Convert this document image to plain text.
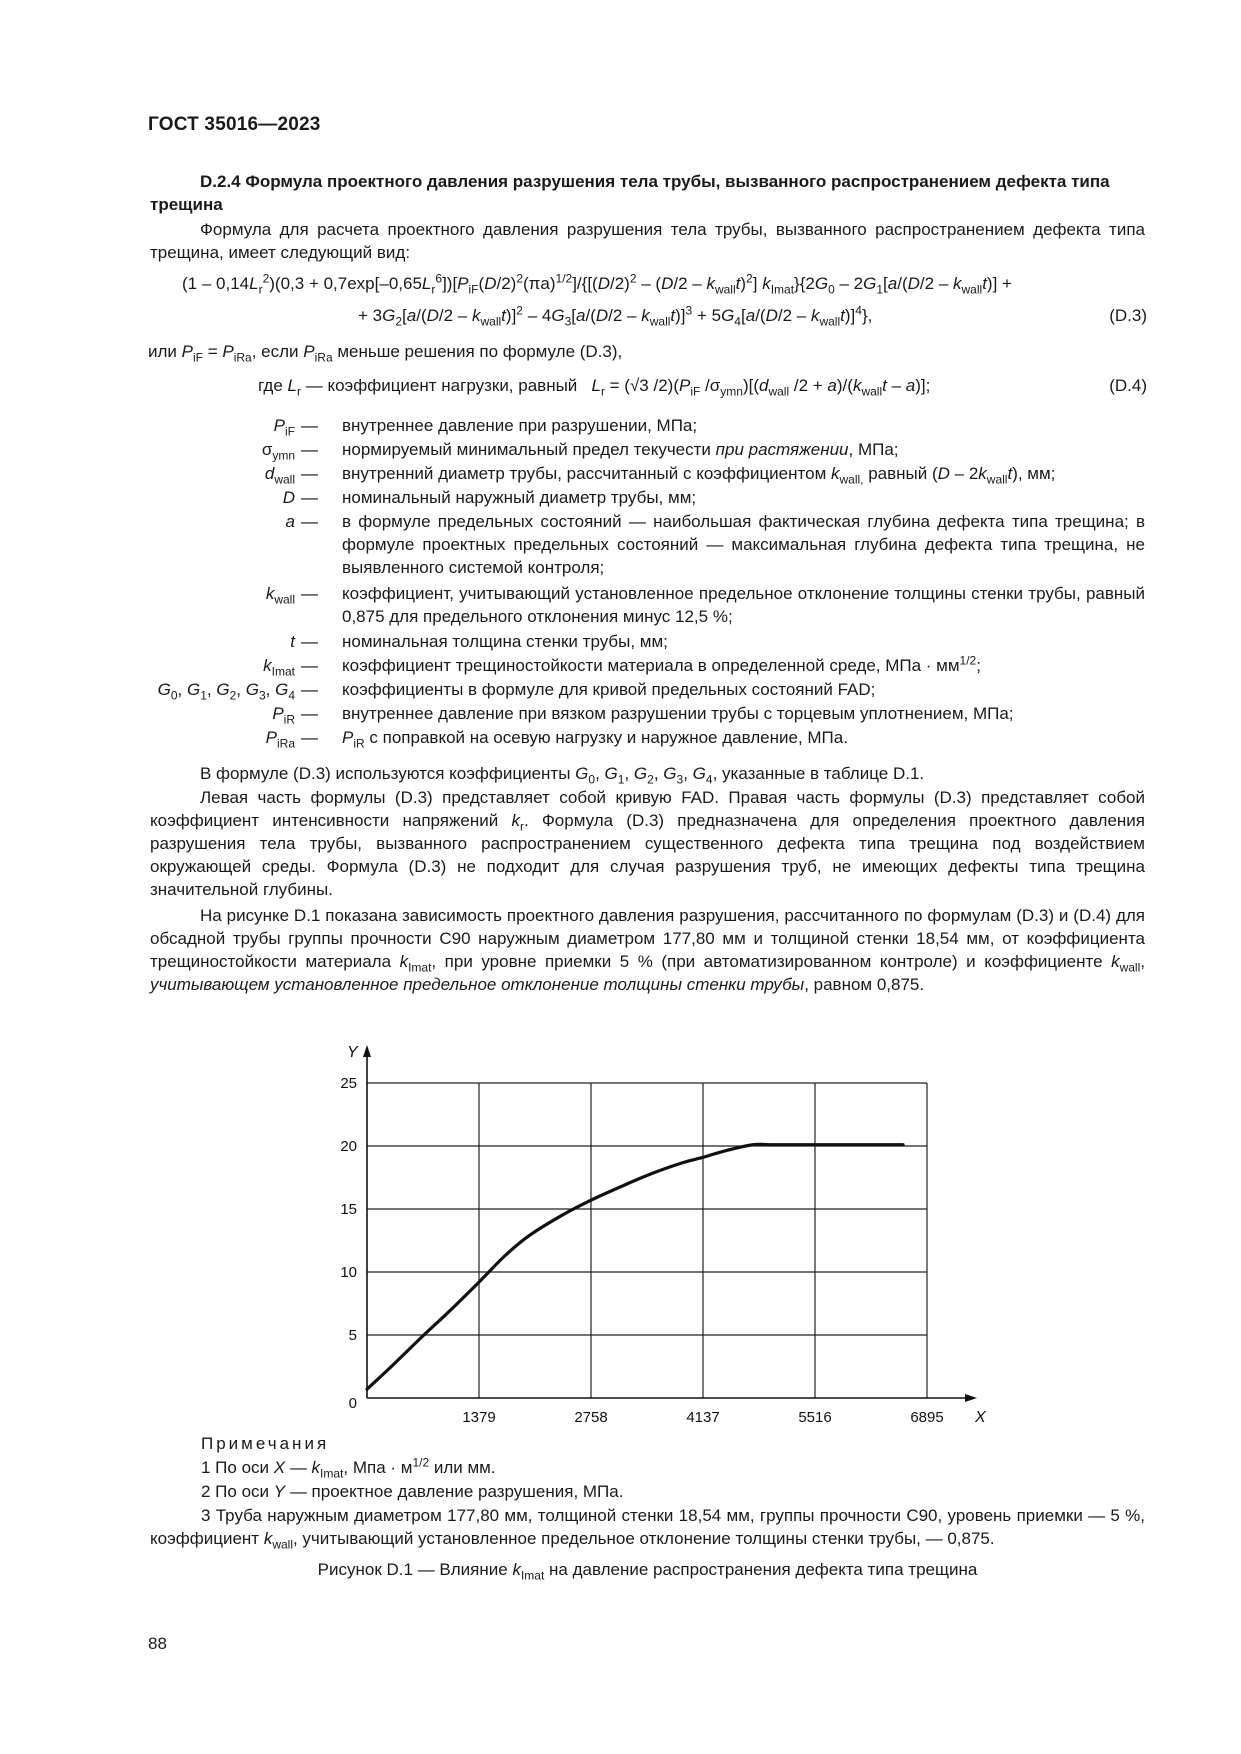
ГОСТ 35016—2023
D.2.4 Формула проектного давления разрушения тела трубы, вызванного распространением дефекта типа трещина
Формула для расчета проектного давления разрушения тела трубы, вызванного распространением дефекта типа трещина, имеет следующий вид:
$(1 - 0,14L_r^2)(0,3 + 0,7\exp[-0,65L_r^6])[P_{iF}(D/2)^2(\pi a)^{1/2}]/\{[(D/2)^2 - (D/2 - k_{wall}t)^2]$ $k_{Imat}\}\{2G_0 - 2G_1[a/(D/2 - k_{wall}t)]$ +
+ $3G_2[a/(D/2 - k_{wall}t)]^2 - 4G_3[a/(D/2 - k_{wall}t)]^3 + 5G_4[a/(D/2 - k_{wall}t)]^4$},	(D.3)
или $P_{iF} = P_{iRa}$, если $P_{iRa}$ меньше решения по формуле (D.3),
где $L_r$ — коэффициент нагрузки, равный   $L_r = (√3$ $/2)(P_{iF}$ $/\sigma_{ymn})[(d_{wall}$ $/2 + a)/(k_{wall}t - a)$];	(D.4)
$P_{iF}$ — внутреннее давление при разрушении, МПа;
$\sigma_{ymn}$ — нормируемый минимальный предел текучести при растяжении, МПа;
$d_{wall}$ — внутренний диаметр трубы, рассчитанный с коэффициентом $k_{wall,}$ равный $(D - 2k_{wall}t)$, мм;
D — номинальный наружный диаметр трубы, мм;
a — в формуле предельных состояний — наибольшая фактическая глубина дефекта типа трещина; в формуле проектных предельных состояний — максимальная глубина дефекта типа трещина, не выявленного системой контроля;
$k_{wall}$ — коэффициент, учитывающий установленное предельное отклонение толщины стенки трубы, равный 0,875 для предельного отклонения минус 12,5 %;
t — номинальная толщина стенки трубы, мм;
$k_{Imat}$ — коэффициент трещиностойкости материала в определенной среде, МПа · $мм^{1/2}$;
$G_0$, $G_1$, $G_2$, $G_3$, $G_4$ — коэффициенты в формуле для кривой предельных состояний FAD;
$P_{iR}$ — внутреннее давление при вязком разрушении трубы с торцевым уплотнением, МПа;
$P_{iRa}$ — $P_{iR}$ с поправкой на осевую нагрузку и наружное давление, МПа.
В формуле (D.3) используются коэффициенты $G_0$, $G_1$, $G_2$, $G_3$, $G_4$, указанные в таблице D.1.
Левая часть формулы (D.3) представляет собой кривую FAD. Правая часть формулы (D.3) представляет собой коэффициент интенсивности напряжений $k_r$. Формула (D.3) предназначена для определения проектного давления разрушения тела трубы, вызванного распространением существенного дефекта типа трещина под воздействием окружающей среды. Формула (D.3) не подходит для случая разрушения труб, не имеющих дефекты типа трещина значительной глубины.
На рисунке D.1 показана зависимость проектного давления разрушения, рассчитанного по формулам (D.3) и (D.4) для обсадной трубы группы прочности С90 наружным диаметром 177,80 мм и толщиной стенки 18,54 мм, от коэффициента трещиностойкости материала $k_{Imat}$, при уровне приемки 5 % (при автоматизированном контроле) и коэффициенте $k_{wall}$, учитывающем установленное предельное отклонение толщины стенки трубы, равном 0,875.
1379	2758	4137	5516	6895
0
5
10
15
20
25
X
Y
Примечания
1 По оси X — $k_{Imat}$, Мпа · $м^{1/2}$ или мм.
2 По оси Y — проектное давление разрушения, МПа.
3 Труба наружным диаметром 177,80 мм, толщиной стенки 18,54 мм, группы прочности С90, уровень приемки — 5 %, коэффициент $k_{wall}$, учитывающий установленное предельное отклонение толщины стенки трубы, — 0,875.
Рисунок D.1 — Влияние $k_{Imat}$ на давление распространения дефекта типа трещина
88
